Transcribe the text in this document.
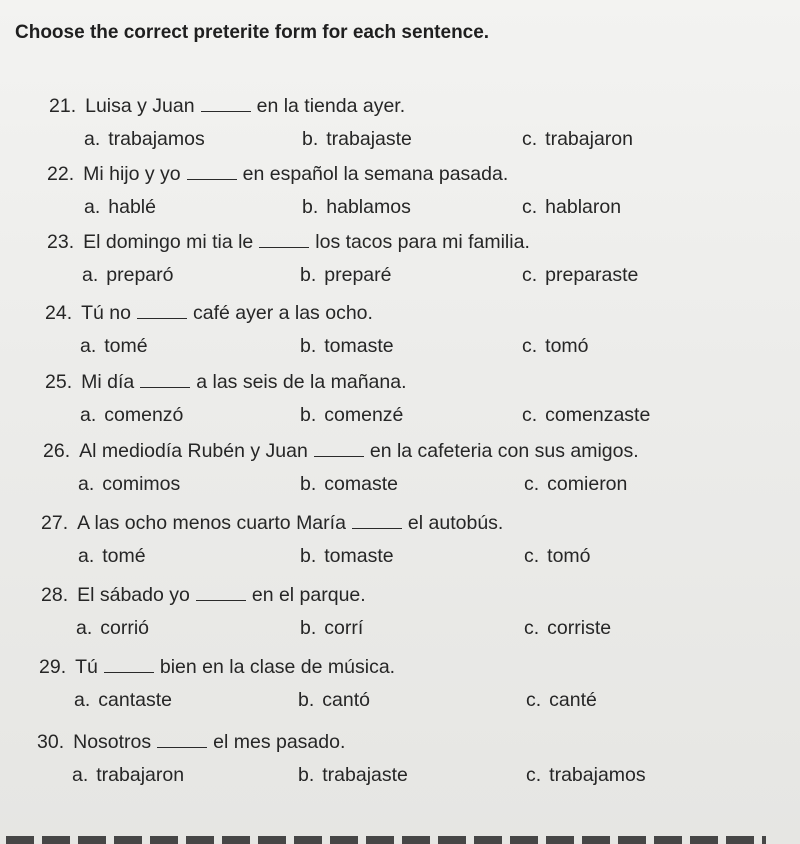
Choose the correct preterite form for each sentence.
21. Luisa y Juan	en la tienda ayer.
a. trabajamos	b. trabajaste	c. trabajaron
22. Mi hijo y yo	en español la semana pasada.
a. hablé	b. hablamos	c. hablaron
23. El domingo mi tia le	los tacos para mi familia.
a. preparó	b. preparé	c. preparaste
24. Tú no	café ayer a las ocho.
a. tomé	b. tomaste	c. tomó
25. Mi día	a las seis de la mañana.
a. comenzó	b. comenzé	c. comenzaste
26. Al mediodía Rubén y Juan	en la cafeteria con sus amigos.
a. comimos	b. comaste	c. comieron
27. A las ocho menos cuarto María	el autobús.
a. tomé	b. tomaste	c. tomó
28. El sábado yo	en el parque.
a. corrió	b. corrí	c. corriste
29. Tú	bien en la clase de música.
a. cantaste	b. cantó	c. canté
30. Nosotros	el mes pasado.
a. trabajaron	b. trabajaste	c. trabajamos
